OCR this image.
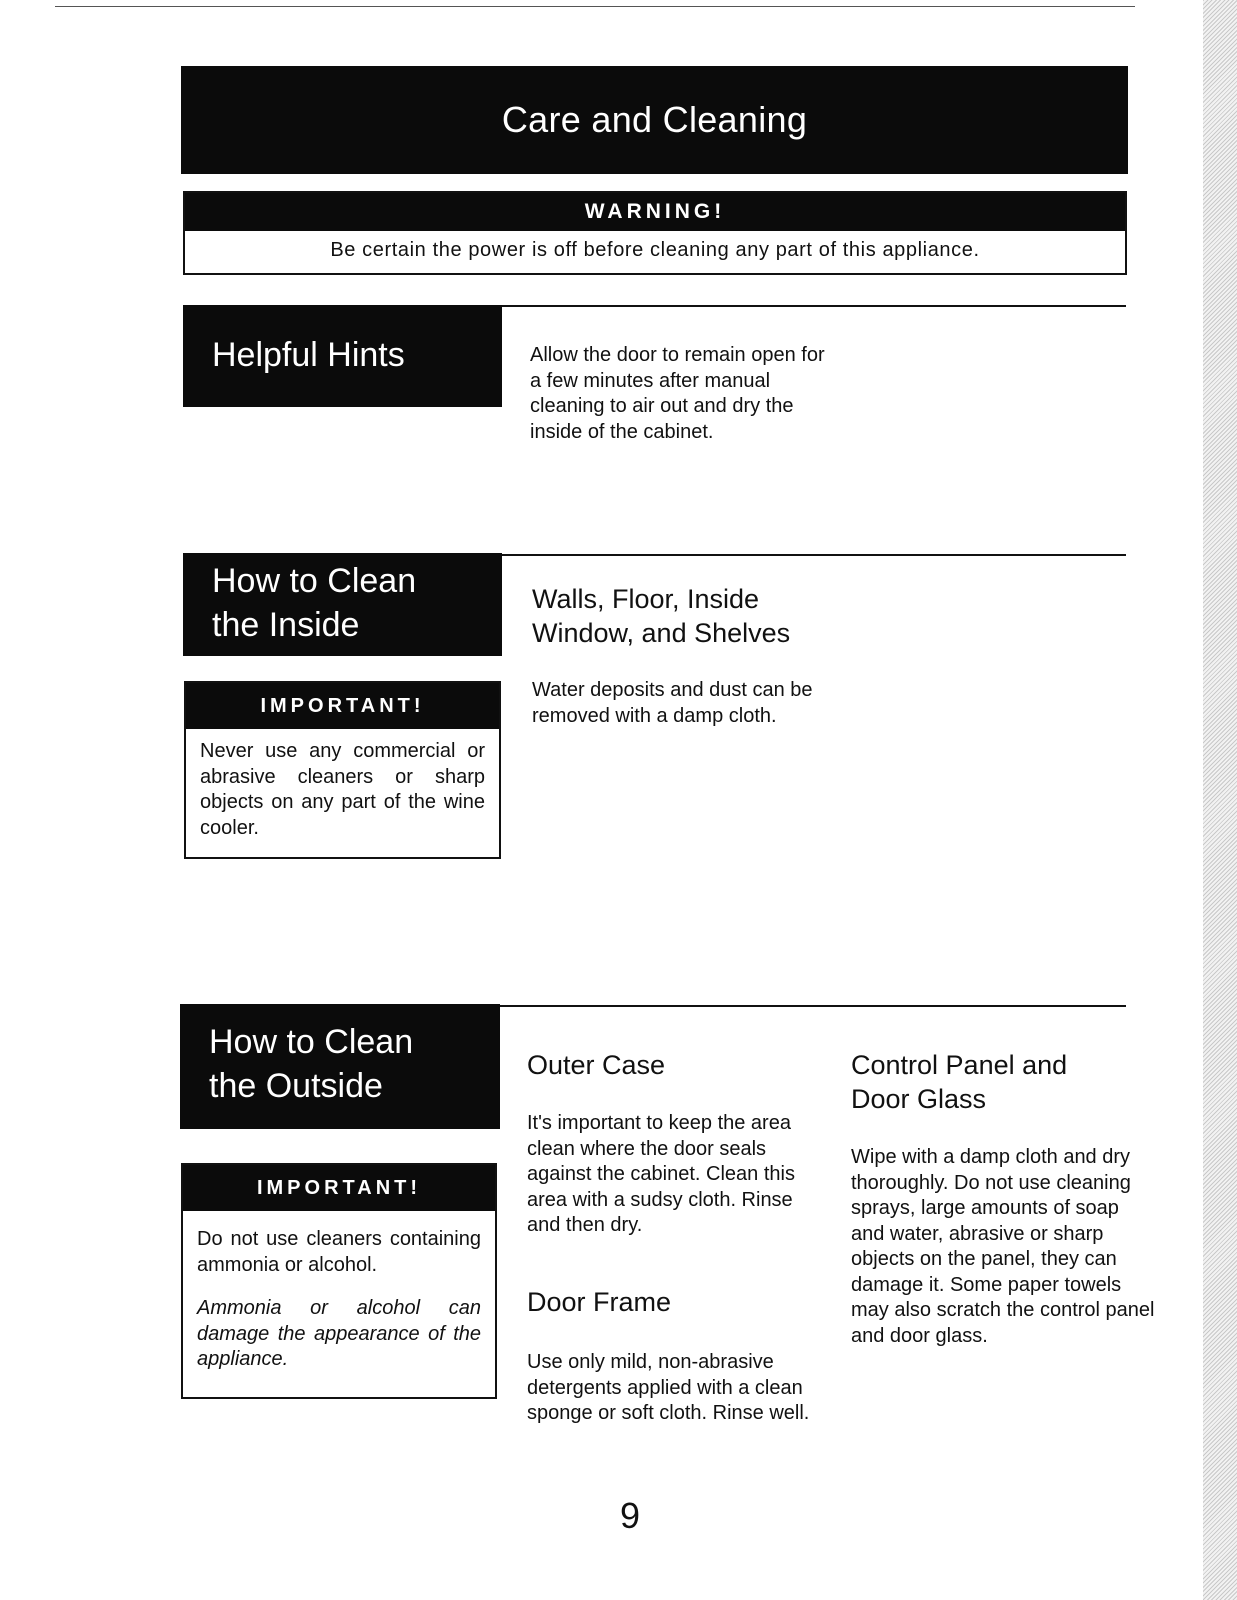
Care and Cleaning
WARNING!
Be certain the power is off before cleaning any part of this appliance.
Helpful Hints	Allow the door to remain open for a few minutes after manual cleaning to air out and dry the inside of the cabinet.
How to Clean
the Inside
IMPORTANT!

Never use any commercial or abrasive cleaners or sharp objects on any part of the wine cooler.

Walls, Floor, Inside
Window, and Shelves
Water deposits and dust can be removed with a damp cloth.
How to Clean
the Outside
IMPORTANT!

Do not use cleaners containing ammonia or alcohol.

Ammonia or alcohol can damage the appearance of the appliance.

Outer Case
It's important to keep the area clean where the door seals against the cabinet. Clean this area with a sudsy cloth. Rinse and then dry.
Door Frame
Use only mild, non-abrasive detergents applied with a clean sponge or soft cloth. Rinse well.
Control Panel and
Door Glass
Wipe with a damp cloth and dry thoroughly. Do not use cleaning sprays, large amounts of soap and water, abrasive or sharp objects on the panel, they can damage it. Some paper towels may also scratch the control panel and door glass.
9
